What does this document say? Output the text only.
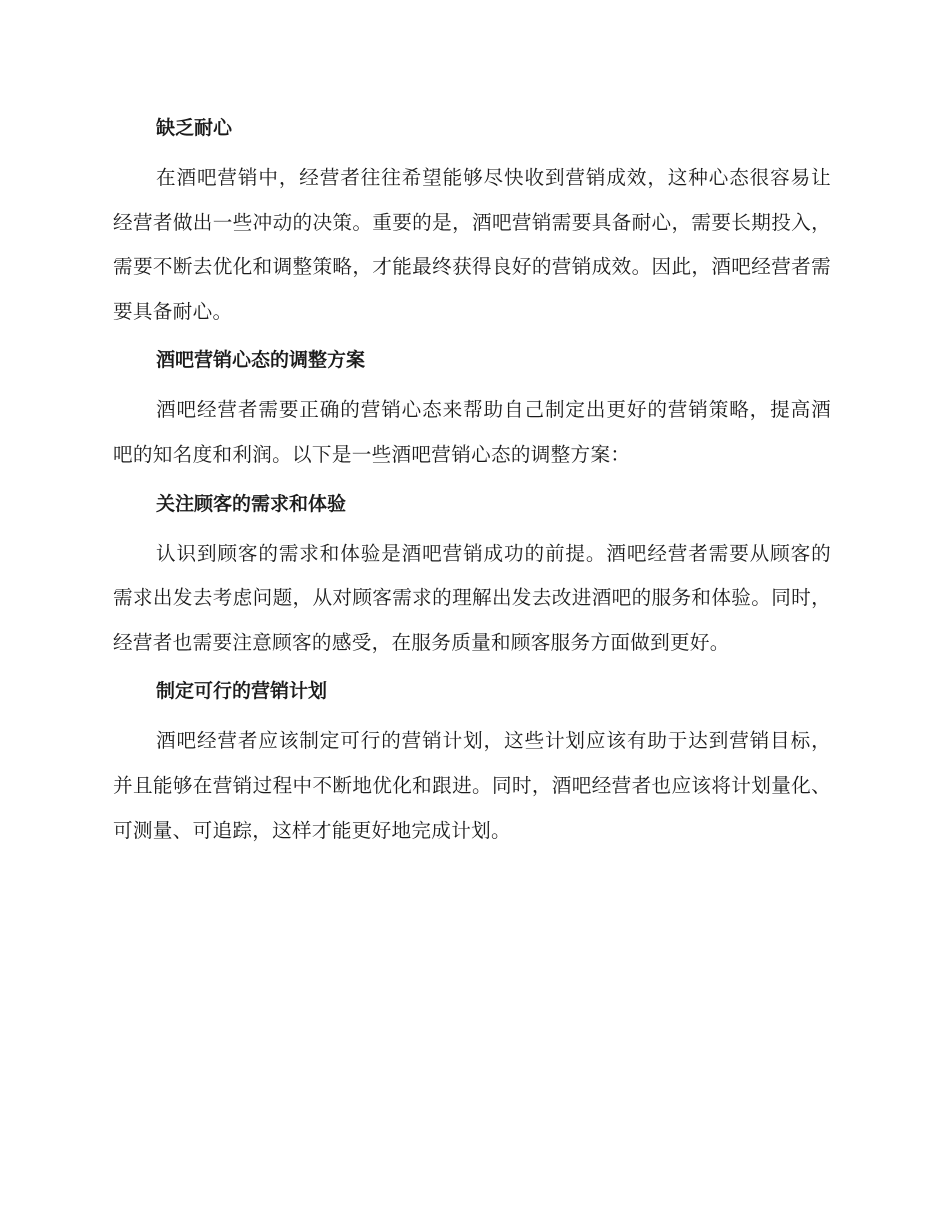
缺乏耐心

在酒吧营销中，经营者往往希望能够尽快收到营销成效，这种心态很容易让经营者做出一些冲动的决策。重要的是，酒吧营销需要具备耐心，需要长期投入，需要不断去优化和调整策略，才能最终获得良好的营销成效。因此，酒吧经营者需要具备耐心。

酒吧营销心态的调整方案

酒吧经营者需要正确的营销心态来帮助自己制定出更好的营销策略，提高酒吧的知名度和利润。以下是一些酒吧营销心态的调整方案：

关注顾客的需求和体验

认识到顾客的需求和体验是酒吧营销成功的前提。酒吧经营者需要从顾客的需求出发去考虑问题，从对顾客需求的理解出发去改进酒吧的服务和体验。同时，经营者也需要注意顾客的感受，在服务质量和顾客服务方面做到更好。

制定可行的营销计划

酒吧经营者应该制定可行的营销计划，这些计划应该有助于达到营销目标，并且能够在营销过程中不断地优化和跟进。同时，酒吧经营者也应该将计划量化、可测量、可追踪，这样才能更好地完成计划。
